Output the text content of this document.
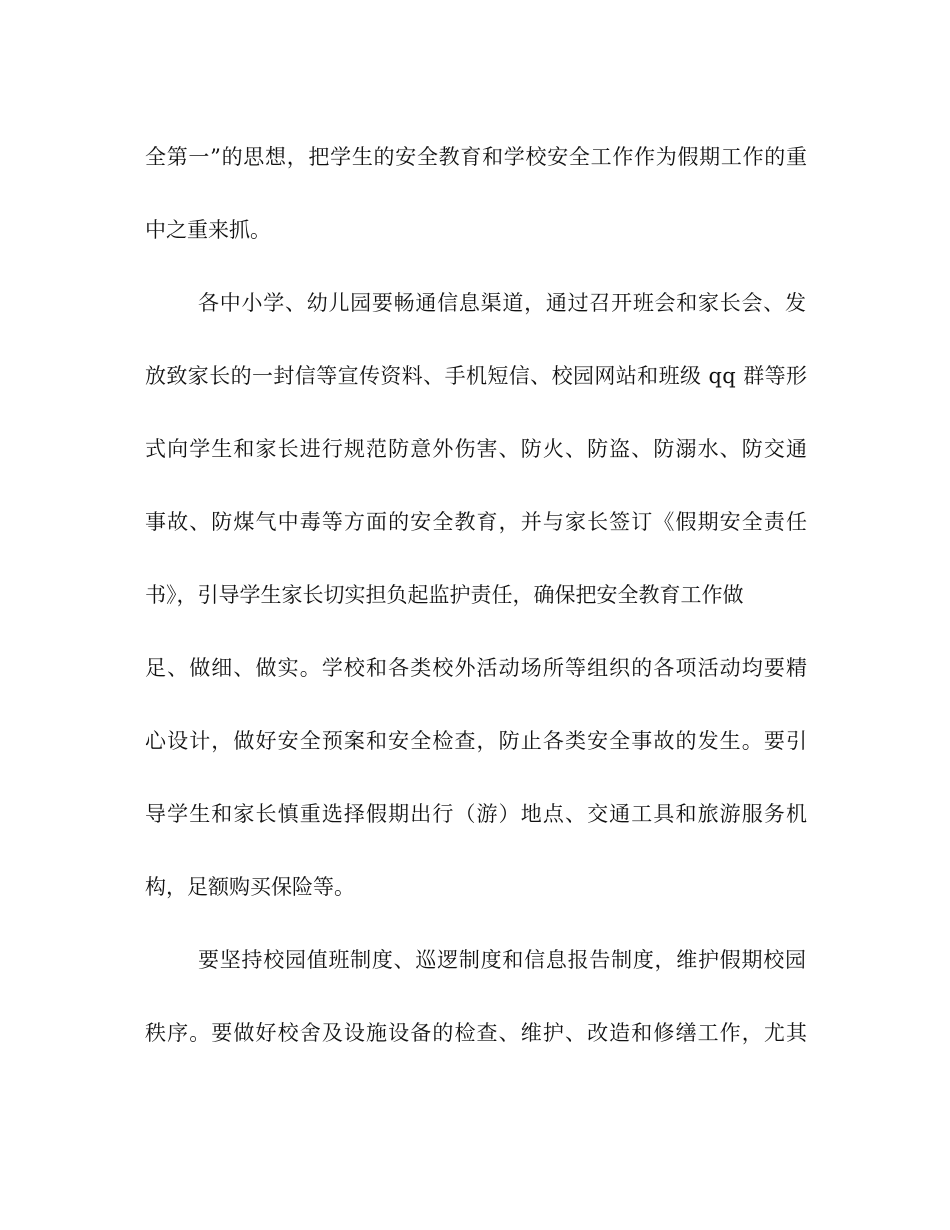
全第一”的思想，把学生的安全教育和学校安全工作作为假期工作的重
中之重来抓。
各中小学、幼儿园要畅通信息渠道，通过召开班会和家长会、发
放致家长的一封信等宣传资料、手机短信、校园网站和班级 qq 群等形
式向学生和家长进行规范防意外伤害、防火、防盗、防溺水、防交通
事故、防煤气中毒等方面的安全教育，并与家长签订《假期安全责任
书》，引导学生家长切实担负起监护责任，确保把安全教育工作做
足、做细、做实。学校和各类校外活动场所等组织的各项活动均要精
心设计，做好安全预案和安全检查，防止各类安全事故的发生。要引
导学生和家长慎重选择假期出行（游）地点、交通工具和旅游服务机
构，足额购买保险等。
要坚持校园值班制度、巡逻制度和信息报告制度，维护假期校园
秩序。要做好校舍及设施设备的检查、维护、改造和修缮工作，尤其
